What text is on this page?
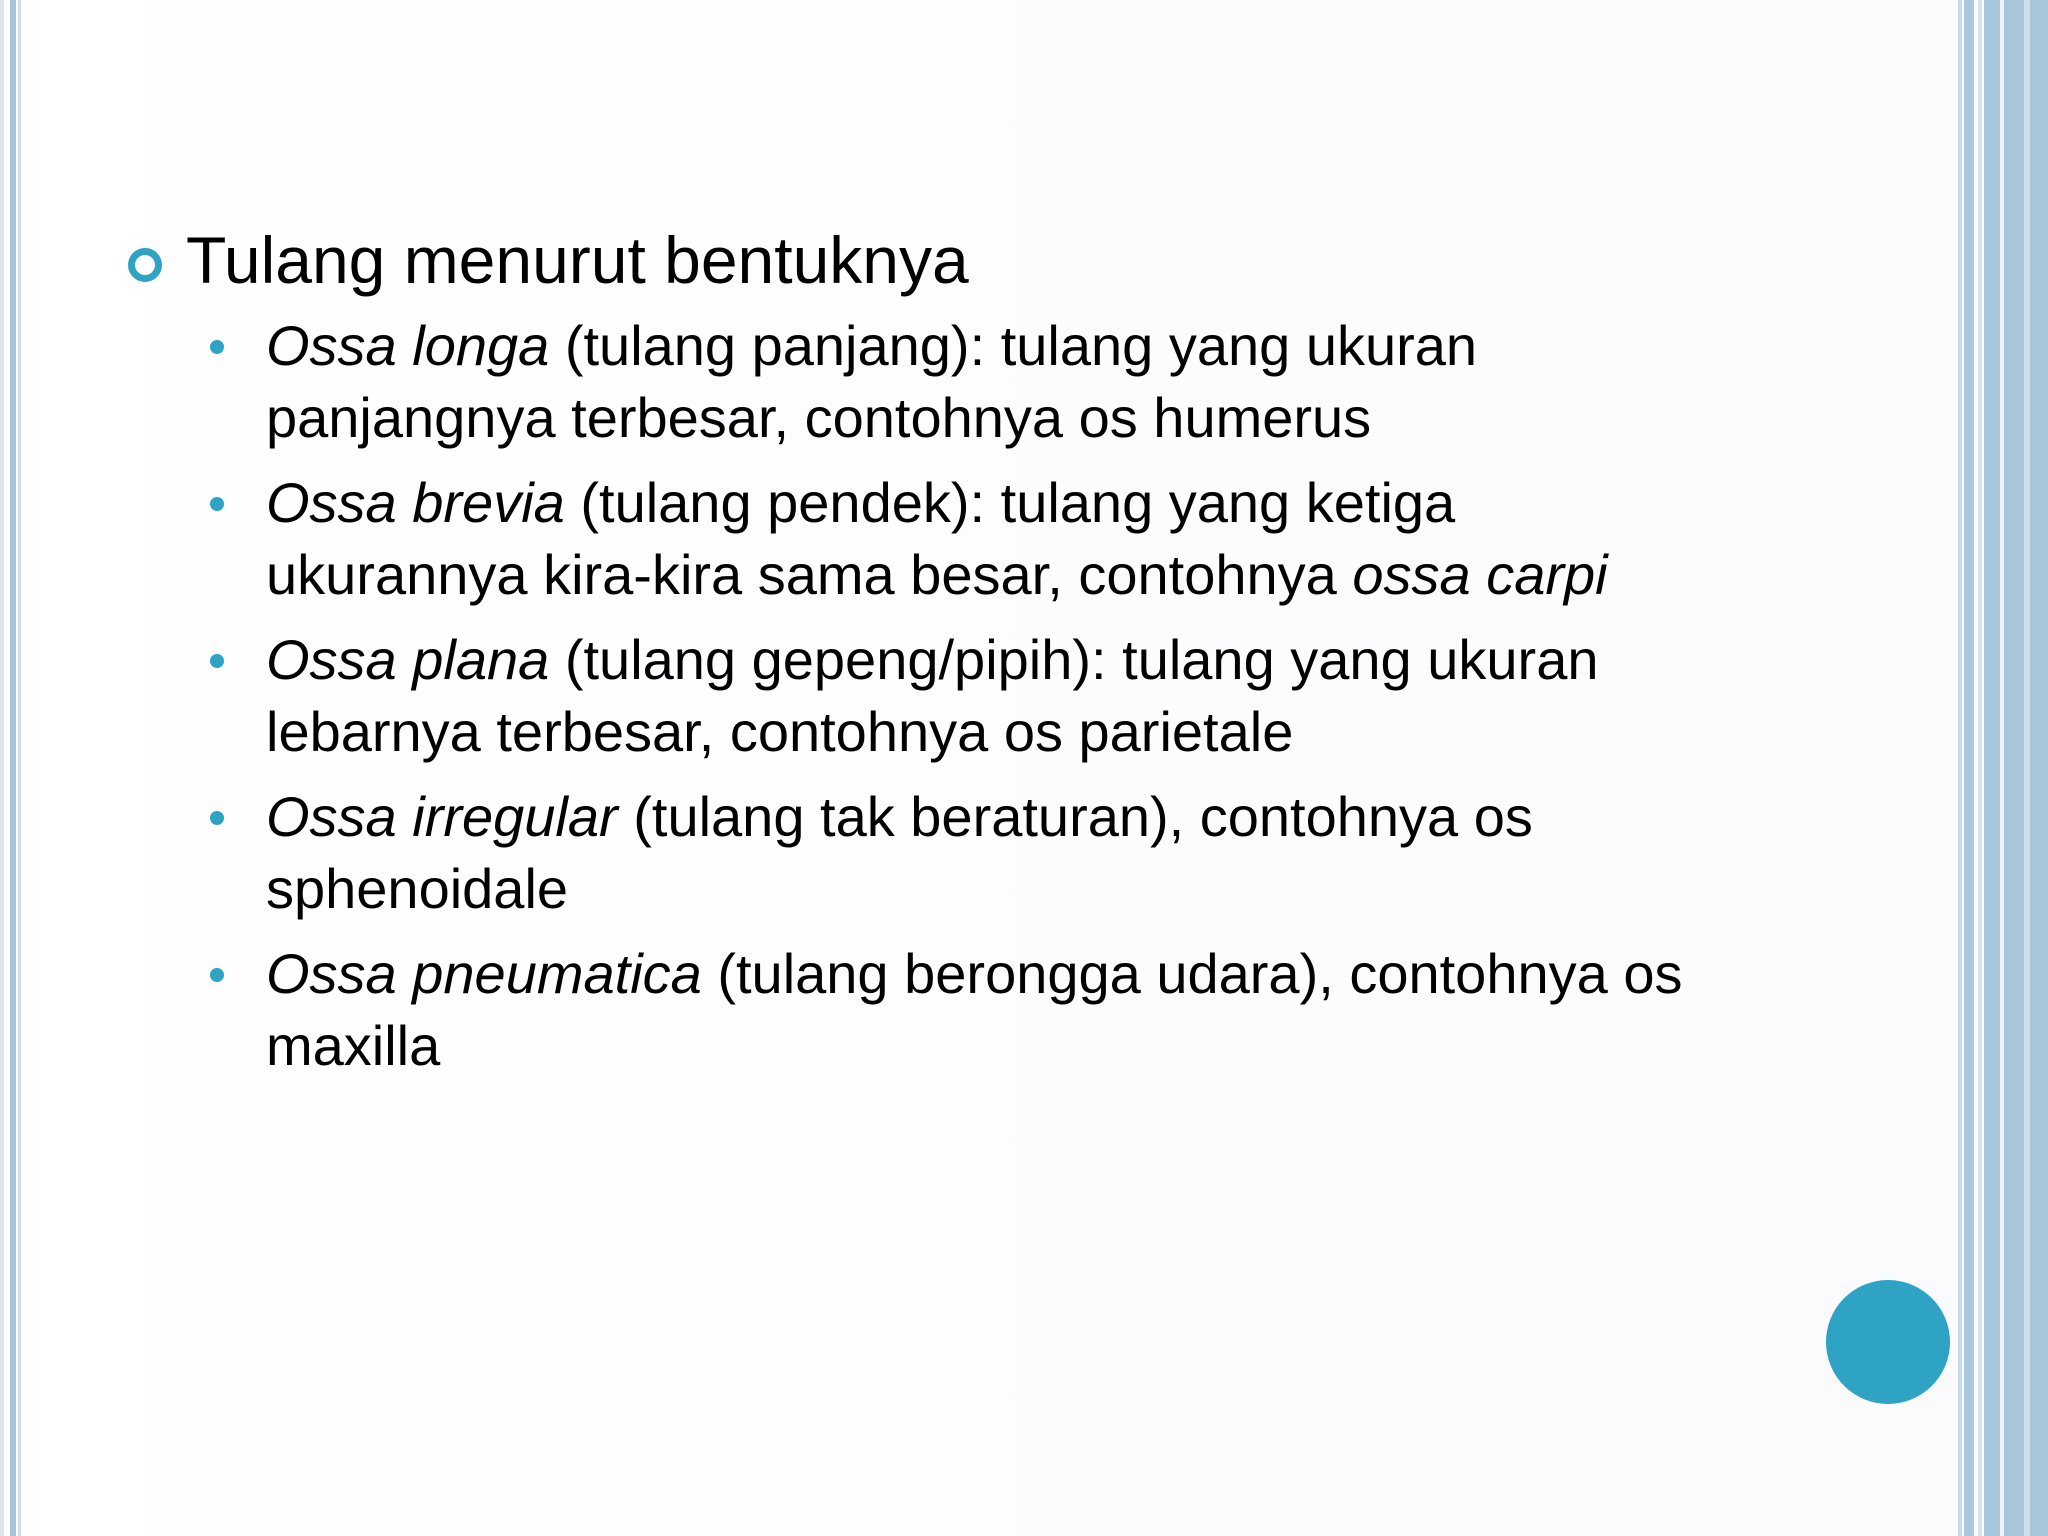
Tulang menurut bentuknya
Ossa longa (tulang panjang): tulang yang ukuran panjangnya terbesar, contohnya os humerus
Ossa brevia (tulang pendek): tulang yang ketiga ukurannya kira-kira sama besar, contohnya ossa carpi
Ossa plana (tulang gepeng/pipih): tulang yang ukuran lebarnya terbesar, contohnya os parietale
Ossa irregular (tulang tak beraturan), contohnya os sphenoidale
Ossa pneumatica (tulang berongga udara), contohnya os maxilla
